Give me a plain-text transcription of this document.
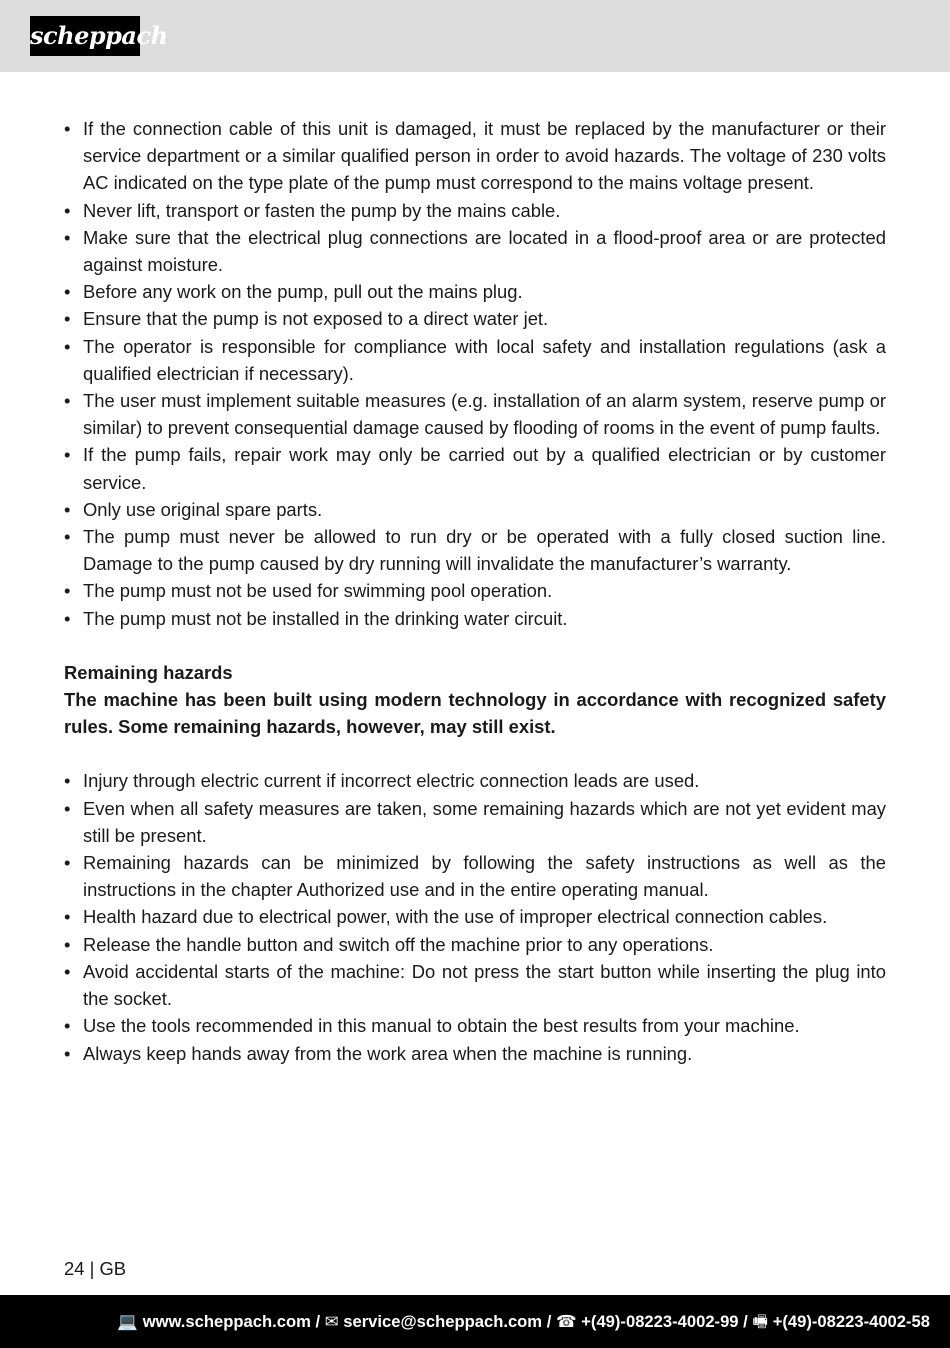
scheppach
• If the connection cable of this unit is damaged, it must be replaced by the manufacturer or their service department or a similar qualified person in order to avoid hazards. The voltage of 230 volts AC indicated on the type plate of the pump must correspond to the mains voltage present.
• Never lift, transport or fasten the pump by the mains cable.
• Make sure that the electrical plug connections are located in a flood-proof area or are protected against moisture.
• Before any work on the pump, pull out the mains plug.
• Ensure that the pump is not exposed to a direct water jet.
• The operator is responsible for compliance with local safety and installation regulations (ask a qualified electrician if necessary).
• The user must implement suitable measures (e.g. installation of an alarm system, reserve pump or similar) to prevent consequential damage caused by flooding of rooms in the event of pump faults.
• If the pump fails, repair work may only be carried out by a qualified electrician or by customer service.
• Only use original spare parts.
• The pump must never be allowed to run dry or be operated with a fully closed suction line. Damage to the pump caused by dry running will invalidate the manufacturer’s warranty.
• The pump must not be used for swimming pool operation.
• The pump must not be installed in the drinking water circuit.
Remaining hazards
The machine has been built using modern technology in accordance with recognized safety rules. Some remaining hazards, however, may still exist.
• Injury through electric current if incorrect electric connection leads are used.
• Even when all safety measures are taken, some remaining hazards which are not yet evident may still be present.
• Remaining hazards can be minimized by following the safety instructions as well as the instructions in the chapter Authorized use and in the entire operating manual.
• Health hazard due to electrical power, with the use of improper electrical connection cables.
• Release the handle button and switch off the machine prior to any operations.
• Avoid accidental starts of the machine: Do not press the start button while inserting the plug into the socket.
• Use the tools recommended in this manual to obtain the best results from your machine.
• Always keep hands away from the work area when the machine is running.
24 | GB
💻 www.scheppach.com / ✉ service@scheppach.com / ☎ +(49)-08223-4002-99 / 🖷 +(49)-08223-4002-58
